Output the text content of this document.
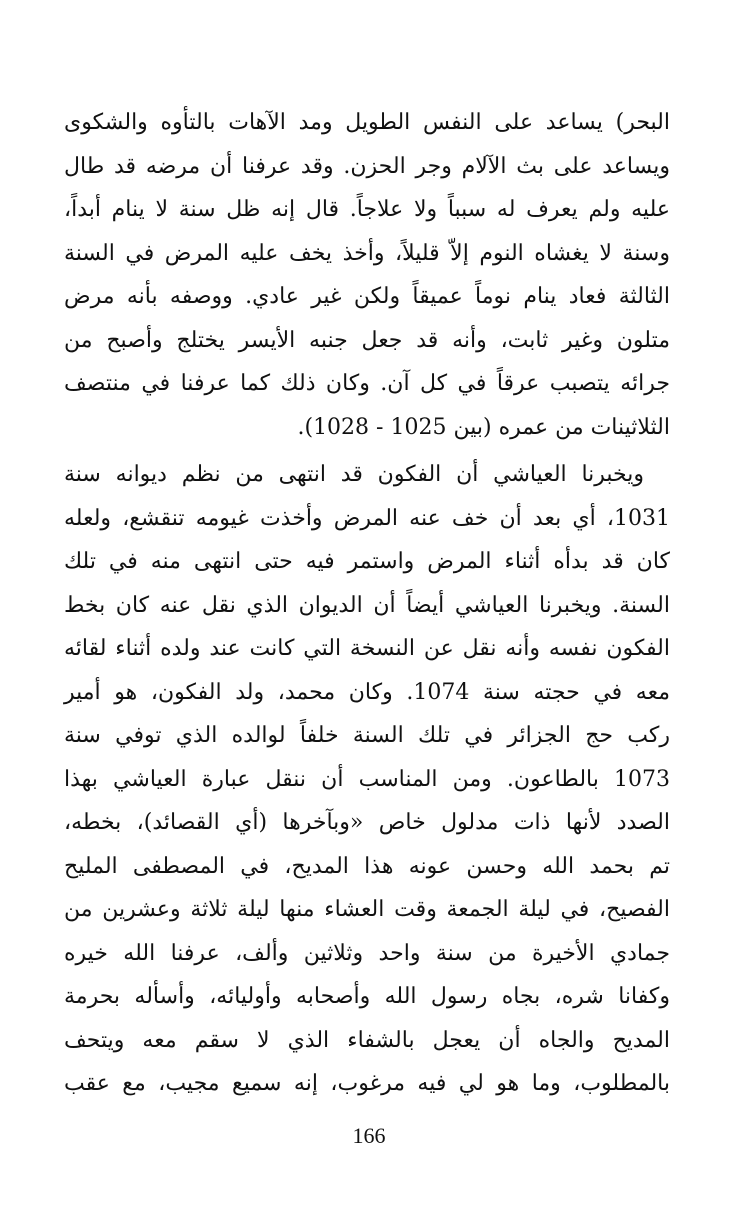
البحر) يساعد على النفس الطويل ومد الآهات بالتأوه والشكوى
ويساعد على بث الآلام وجر الحزن. وقد عرفنا أن مرضه قد طال
عليه ولم يعرف له سبباً ولا علاجاً. قال إنه ظل سنة لا ينام أبداً،
وسنة لا يغشاه النوم إلاّ قليلاً، وأخذ يخف عليه المرض في السنة
الثالثة فعاد ينام نوماً عميقاً ولكن غير عادي. ووصفه بأنه مرض
متلون وغير ثابت، وأنه قد جعل جنبه الأيسر يختلج وأصبح من
جرائه يتصبب عرقاً في كل آن. وكان ذلك كما عرفنا في منتصف
الثلاثينات من عمره (بين 1025 - 1028).
ويخبرنا العياشي أن الفكون قد انتهى من نظم ديوانه سنة
1031، أي بعد أن خف عنه المرض وأخذت غيومه تنقشع، ولعله
كان قد بدأه أثناء المرض واستمر فيه حتى انتهى منه في تلك
السنة. ويخبرنا العياشي أيضاً أن الديوان الذي نقل عنه كان بخط
الفكون نفسه وأنه نقل عن النسخة التي كانت عند ولده أثناء لقائه
معه في حجته سنة 1074. وكان محمد، ولد الفكون، هو أمير
ركب حج الجزائر في تلك السنة خلفاً لوالده الذي توفي سنة
1073 بالطاعون. ومن المناسب أن ننقل عبارة العياشي بهذا
الصدد لأنها ذات مدلول خاص «وبآخرها (أي القصائد)، بخطه،
تم بحمد الله وحسن عونه هذا المديح، في المصطفى المليح
الفصيح، في ليلة الجمعة وقت العشاء منها ليلة ثلاثة وعشرين من
جمادي الأخيرة من سنة واحد وثلاثين وألف، عرفنا الله خيره
وكفانا شره، بجاه رسول الله وأصحابه وأوليائه، وأسأله بحرمة
المديح والجاه أن يعجل بالشفاء الذي لا سقم معه ويتحف
بالمطلوب، وما هو لي فيه مرغوب، إنه سميع مجيب، مع عقب
166
